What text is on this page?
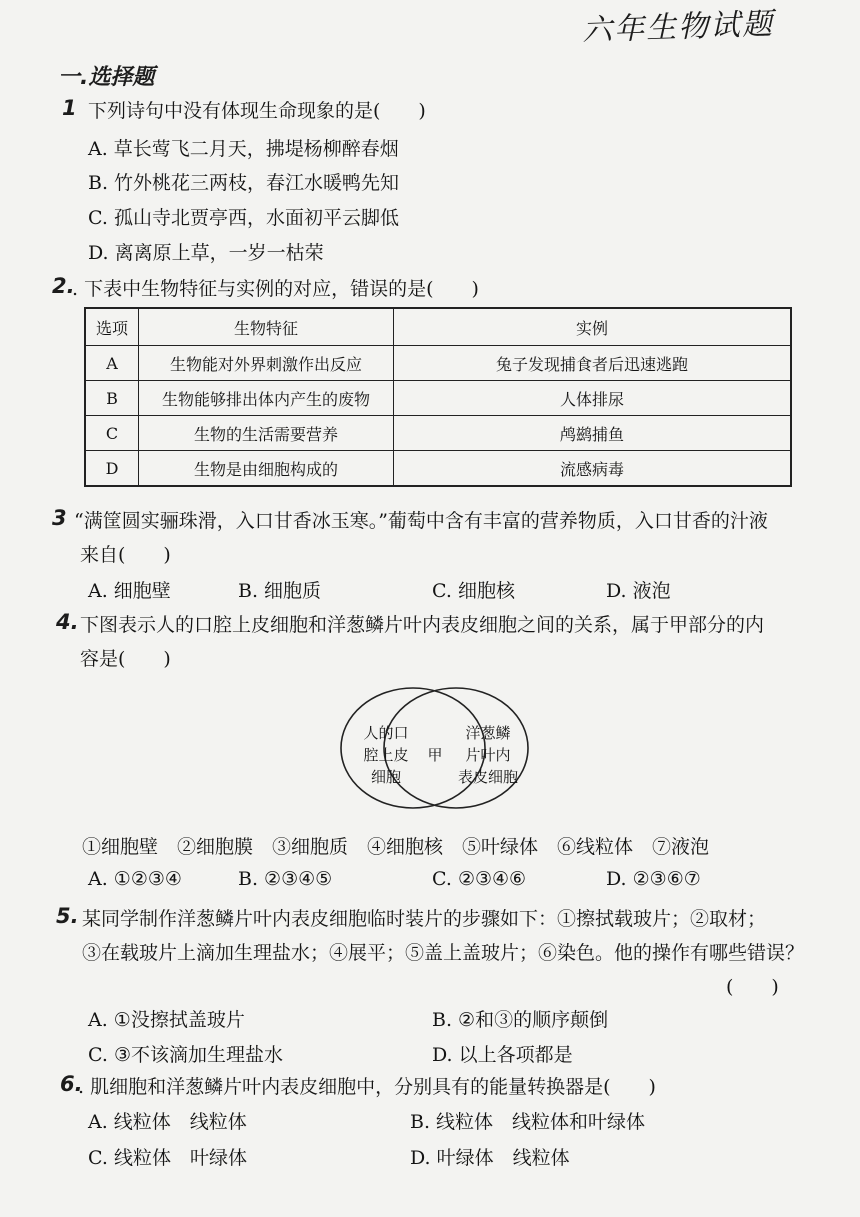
六年生物试题
一.选择题
1 下列诗句中没有体现生命现象的是(　　)
A. 草长莺飞二月天，拂堤杨柳醉春烟
B. 竹外桃花三两枝，春江水暖鸭先知
C. 孤山寺北贾亭西，水面初平云脚低
D. 离离原上草，一岁一枯荣
2.
. 下表中生物特征与实例的对应，错误的是(　　)
选项	生物特征	实例
A	生物能对外界刺激作出反应	兔子发现捕食者后迅速逃跑
B	生物能够排出体内产生的废物	人体排尿
C	生物的生活需要营养	鸬鹚捕鱼
D	生物是由细胞构成的	流感病毒
3 “满筐圆实骊珠滑，入口甘香冰玉寒。”葡萄中含有丰富的营养物质，入口甘香的汁液
来自(　　)
A. 细胞壁	B. 细胞质	C. 细胞核	D. 液泡
4. 下图表示人的口腔上皮细胞和洋葱鳞片叶内表皮细胞之间的关系，属于甲部分的内
容是(　　)
人的口
腔上皮
细胞
甲
洋葱鳞
片叶内
表皮细胞
①细胞壁　②细胞膜　③细胞质　④细胞核　⑤叶绿体　⑥线粒体　⑦液泡
A. ①②③④	B. ②③④⑤	C. ②③④⑥	D. ②③⑥⑦
5. 某同学制作洋葱鳞片叶内表皮细胞临时装片的步骤如下：①擦拭载玻片；②取材；
③在载玻片上滴加生理盐水；④展平；⑤盖上盖玻片；⑥染色。他的操作有哪些错误？
(　　)
A. ①没擦拭盖玻片	B. ②和③的顺序颠倒
C. ③不该滴加生理盐水	D. 以上各项都是
6.
. 肌细胞和洋葱鳞片叶内表皮细胞中，分别具有的能量转换器是(　　)
A. 线粒体　线粒体	B. 线粒体　线粒体和叶绿体
C. 线粒体　叶绿体	D. 叶绿体　线粒体
